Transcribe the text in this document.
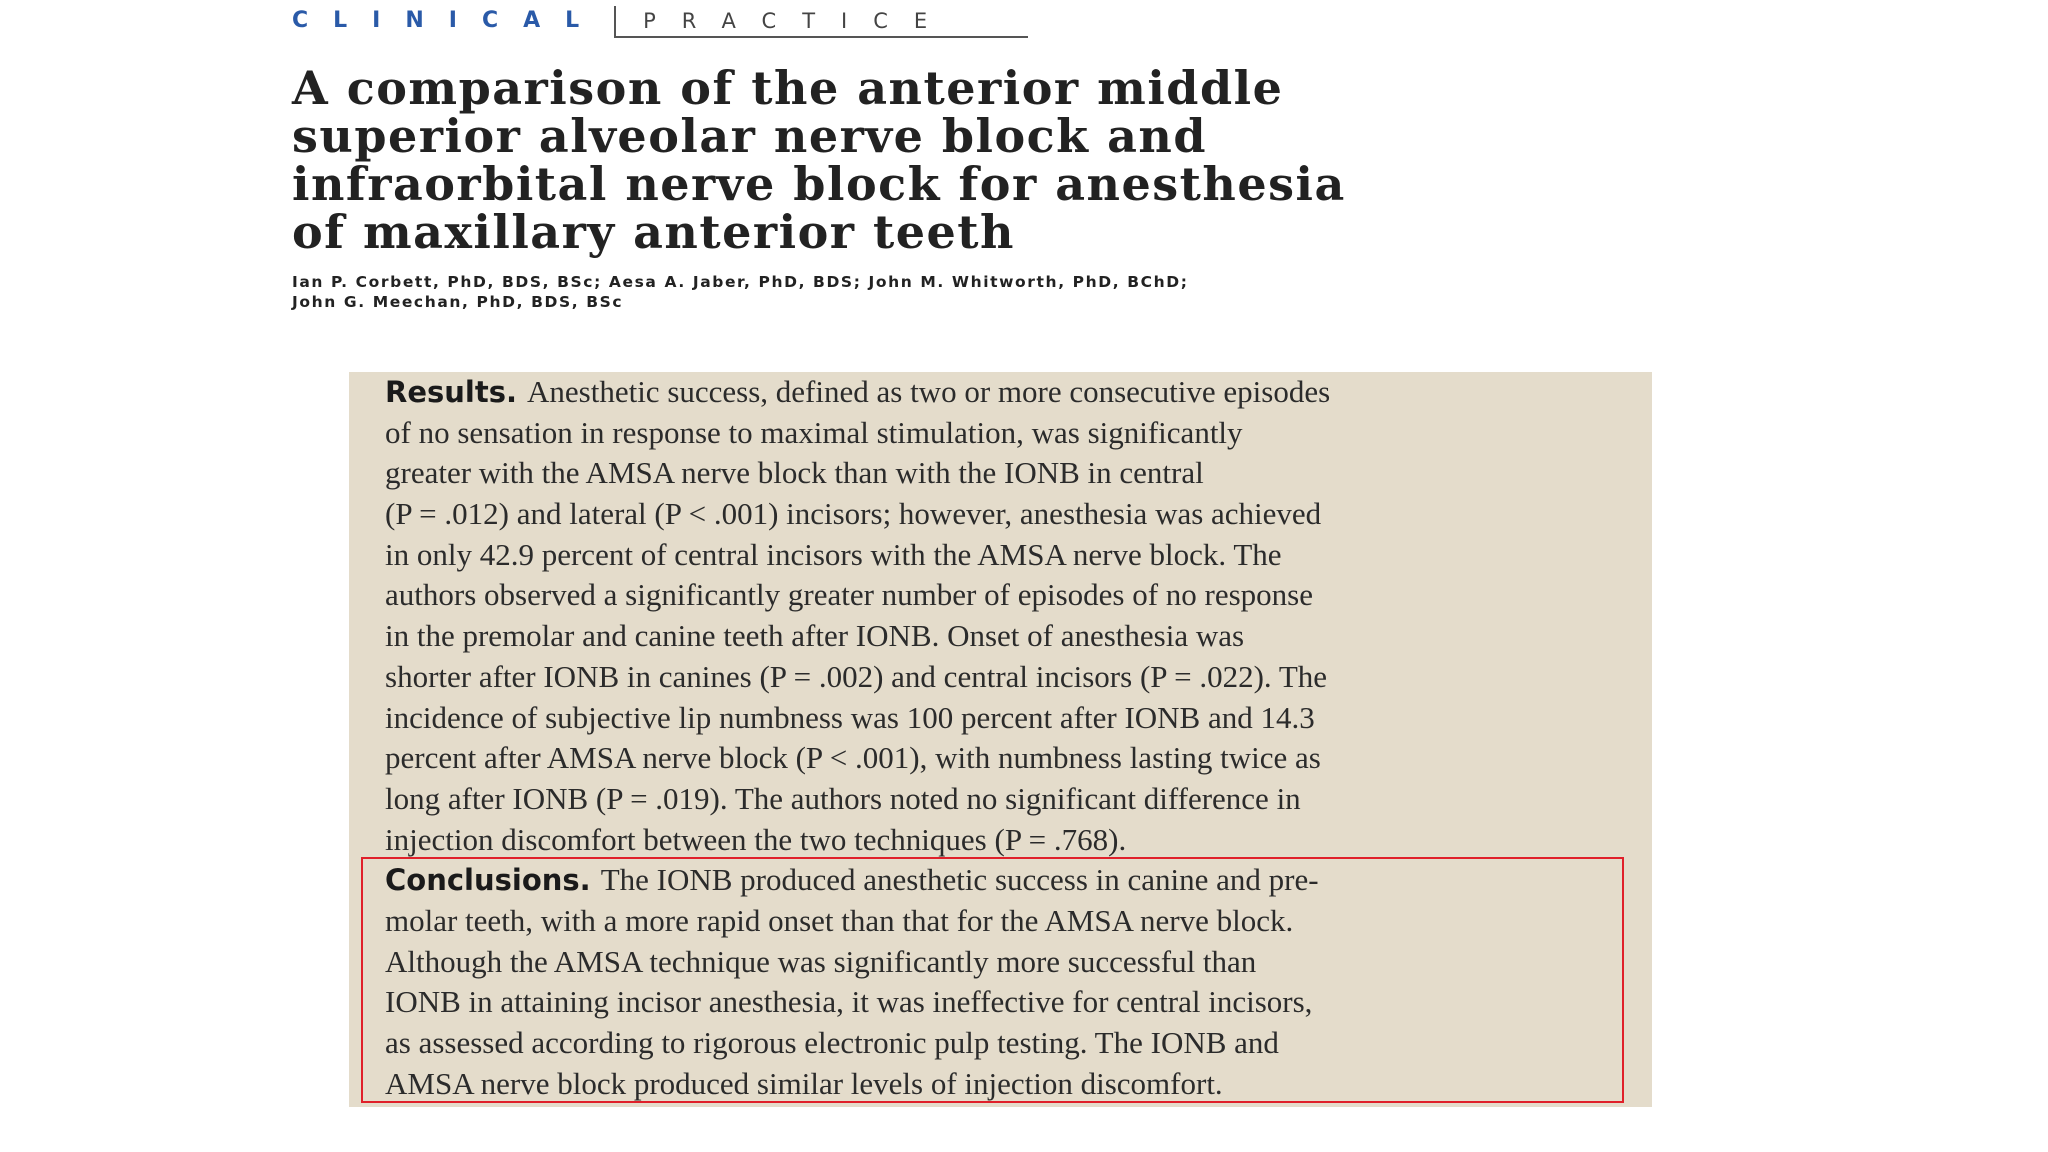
CLINICAL	PRACTICE
A comparison of the anterior middle
superior alveolar nerve block and
infraorbital nerve block for anesthesia
of maxillary anterior teeth
Ian P. Corbett, PhD, BDS, BSc; Aesa A. Jaber, PhD, BDS; John M. Whitworth, PhD, BChD;
John G. Meechan, PhD, BDS, BSc
Results. Anesthetic success, defined as two or more consecutive episodes
of no sensation in response to maximal stimulation, was significantly
greater with the AMSA nerve block than with the IONB in central
(P = .012) and lateral (P < .001) incisors; however, anesthesia was achieved
in only 42.9 percent of central incisors with the AMSA nerve block. The
authors observed a significantly greater number of episodes of no response
in the premolar and canine teeth after IONB. Onset of anesthesia was
shorter after IONB in canines (P = .002) and central incisors (P = .022). The
incidence of subjective lip numbness was 100 percent after IONB and 14.3
percent after AMSA nerve block (P < .001), with numbness lasting twice as
long after IONB (P = .019). The authors noted no significant difference in
injection discomfort between the two techniques (P = .768).
Conclusions. The IONB produced anesthetic success in canine and pre-
molar teeth, with a more rapid onset than that for the AMSA nerve block.
Although the AMSA technique was significantly more successful than
IONB in attaining incisor anesthesia, it was ineffective for central incisors,
as assessed according to rigorous electronic pulp testing. The IONB and
AMSA nerve block produced similar levels of injection discomfort.
